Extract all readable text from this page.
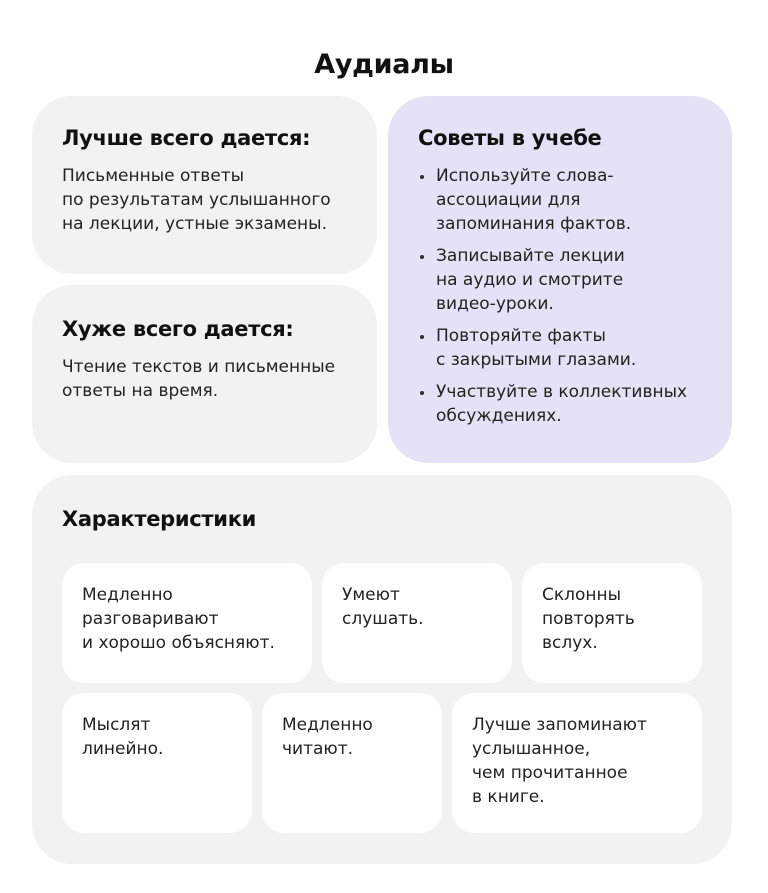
Аудиалы
Лучше всего дается:

Письменные ответы
по результатам услышанного
на лекции, устные экзамены.

Хуже всего дается:

Чтение текстов и письменные
ответы на время.

Советы в учебе
Используйте слова-
ассоциации для
запоминания фактов.
Записывайте лекции
на аудио и смотрите
видео-уроки.
Повторяйте факты
с закрытыми глазами.
Участвуйте в коллективных
обсуждениях.
Характеристики
Медленно
разговаривают
и хорошо объясняют.
Умеют
слушать.
Склонны
повторять
вслух.
Мыслят
линейно.
Медленно
читают.
Лучше запоминают
услышанное,
чем прочитанное
в книге.
